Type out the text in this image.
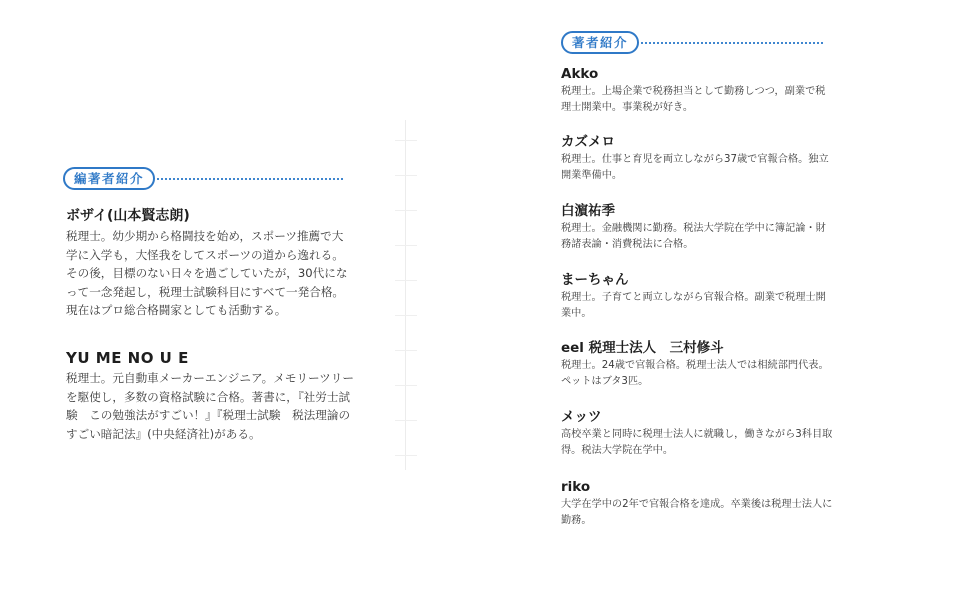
編著者紹介
ボザイ(山本賢志朗)
税理士。幼少期から格闘技を始め，スポーツ推薦で大学に入学も，大怪我をしてスポーツの道から逸れる。その後，目標のない日々を過ごしていたが，30代になって一念発起し，税理士試験科目にすべて一発合格。現在はプロ総合格闘家としても活動する。
YU ME NO U E
税理士。元自動車メーカーエンジニア。メモリーツリーを駆使し，多数の資格試験に合格。著書に，『社労士試験　この勉強法がすごい！』『税理士試験　税法理論のすごい暗記法』(中央経済社)がある。
著者紹介
Akko
税理士。上場企業で税務担当として勤務しつつ，副業で税理士開業中。事業税が好き。
カズメロ
税理士。仕事と育児を両立しながら37歳で官報合格。独立開業準備中。
白濵祐季
税理士。金融機関に勤務。税法大学院在学中に簿記論・財務諸表論・消費税法に合格。
まーちゃん
税理士。子育てと両立しながら官報合格。副業で税理士開業中。
eel 税理士法人　三村修斗
税理士。24歳で官報合格。税理士法人では相続部門代表。ペットはブタ3匹。
メッツ
高校卒業と同時に税理士法人に就職し，働きながら3科目取得。税法大学院在学中。
riko
大学在学中の2年で官報合格を達成。卒業後は税理士法人に勤務。
